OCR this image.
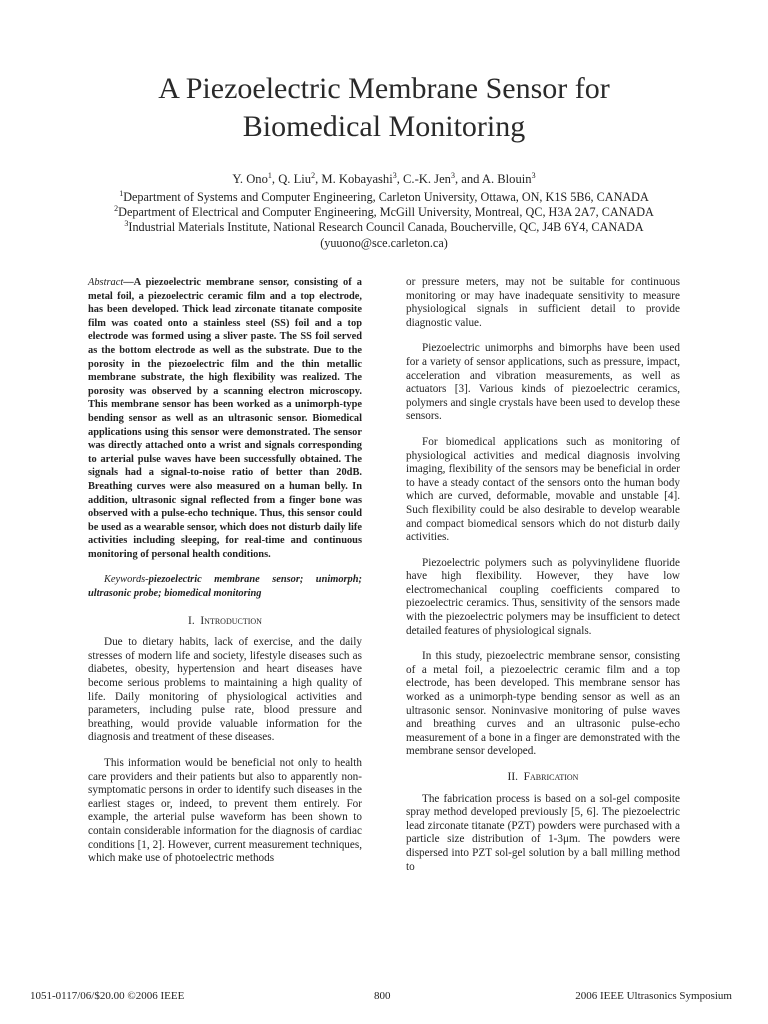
A Piezoelectric Membrane Sensor for
Biomedical Monitoring
Y. Ono$^1$, Q. Liu$^2$, M. Kobayashi$^3$, C.-K. Jen$^3$, and A. Blouin$^3$
$^1$Department of Systems and Computer Engineering, Carleton University, Ottawa, ON, K1S 5B6, CANADA
$^2$Department of Electrical and Computer Engineering, McGill University, Montreal, QC, H3A 2A7, CANADA
$^3$Industrial Materials Institute, National Research Council Canada, Boucherville, QC, J4B 6Y4, CANADA
(yuuono@sce.carleton.ca)

Abstract—A piezoelectric membrane sensor, consisting of a metal foil, a piezoelectric ceramic film and a top electrode, has been developed. Thick lead zirconate titanate composite film was coated onto a stainless steel (SS) foil and a top electrode was formed using a sliver paste. The SS foil served as the bottom electrode as well as the substrate. Due to the porosity in the piezoelectric film and the thin metallic membrane substrate, the high flexibility was realized. The porosity was observed by a scanning electron microscopy. This membrane sensor has been worked as a unimorph-type bending sensor as well as an ultrasonic sensor. Biomedical applications using this sensor were demonstrated. The sensor was directly attached onto a wrist and signals corresponding to arterial pulse waves have been successfully obtained. The signals had a signal-to-noise ratio of better than 20dB. Breathing curves were also measured on a human belly. In addition, ultrasonic signal reflected from a finger bone was observed with a pulse-echo technique. Thus, this sensor could be used as a wearable sensor, which does not disturb daily life activities including sleeping, for real-time and continuous monitoring of personal health conditions.

Keywords-piezoelectric membrane sensor; unimorph; ultrasonic probe; biomedical monitoring

I. Introduction

Due to dietary habits, lack of exercise, and the daily stresses of modern life and society, lifestyle diseases such as diabetes, obesity, hypertension and heart diseases have become serious problems to maintaining a high quality of life. Daily monitoring of physiological activities and parameters, including pulse rate, blood pressure and breathing, would provide valuable information for the diagnosis and treatment of these diseases.

This information would be beneficial not only to health care providers and their patients but also to apparently non-symptomatic persons in order to identify such diseases in the earliest stages or, indeed, to prevent them entirely. For example, the arterial pulse waveform has been shown to contain considerable information for the diagnosis of cardiac conditions [1, 2]. However, current measurement techniques, which make use of photoelectric methods

or pressure meters, may not be suitable for continuous monitoring or may have inadequate sensitivity to measure physiological signals in sufficient detail to provide diagnostic value.

Piezoelectric unimorphs and bimorphs have been used for a variety of sensor applications, such as pressure, impact, acceleration and vibration measurements, as well as actuators [3]. Various kinds of piezoelectric ceramics, polymers and single crystals have been used to develop these sensors.

For biomedical applications such as monitoring of physiological activities and medical diagnosis involving imaging, flexibility of the sensors may be beneficial in order to have a steady contact of the sensors onto the human body which are curved, deformable, movable and unstable [4]. Such flexibility could be also desirable to develop wearable and compact biomedical sensors which do not disturb daily activities.

Piezoelectric polymers such as polyvinylidene fluoride have high flexibility. However, they have low electromechanical coupling coefficients compared to piezoelectric ceramics. Thus, sensitivity of the sensors made with the piezoelectric polymers may be insufficient to detect detailed features of physiological signals.

In this study, piezoelectric membrane sensor, consisting of a metal foil, a piezoelectric ceramic film and a top electrode, has been developed. This membrane sensor has worked as a unimorph-type bending sensor as well as an ultrasonic sensor. Noninvasive monitoring of pulse waves and breathing curves and an ultrasonic pulse-echo measurement of a bone in a finger are demonstrated with the membrane sensor developed.

II. Fabrication

The fabrication process is based on a sol-gel composite spray method developed previously [5, 6]. The piezoelectric lead zirconate titanate (PZT) powders were purchased with a particle size distribution of 1-3μm. The powders were dispersed into PZT sol-gel solution by a ball milling method to

1051-0117/06/$20.00 ©2006 IEEE	800	2006 IEEE Ultrasonics Symposium
